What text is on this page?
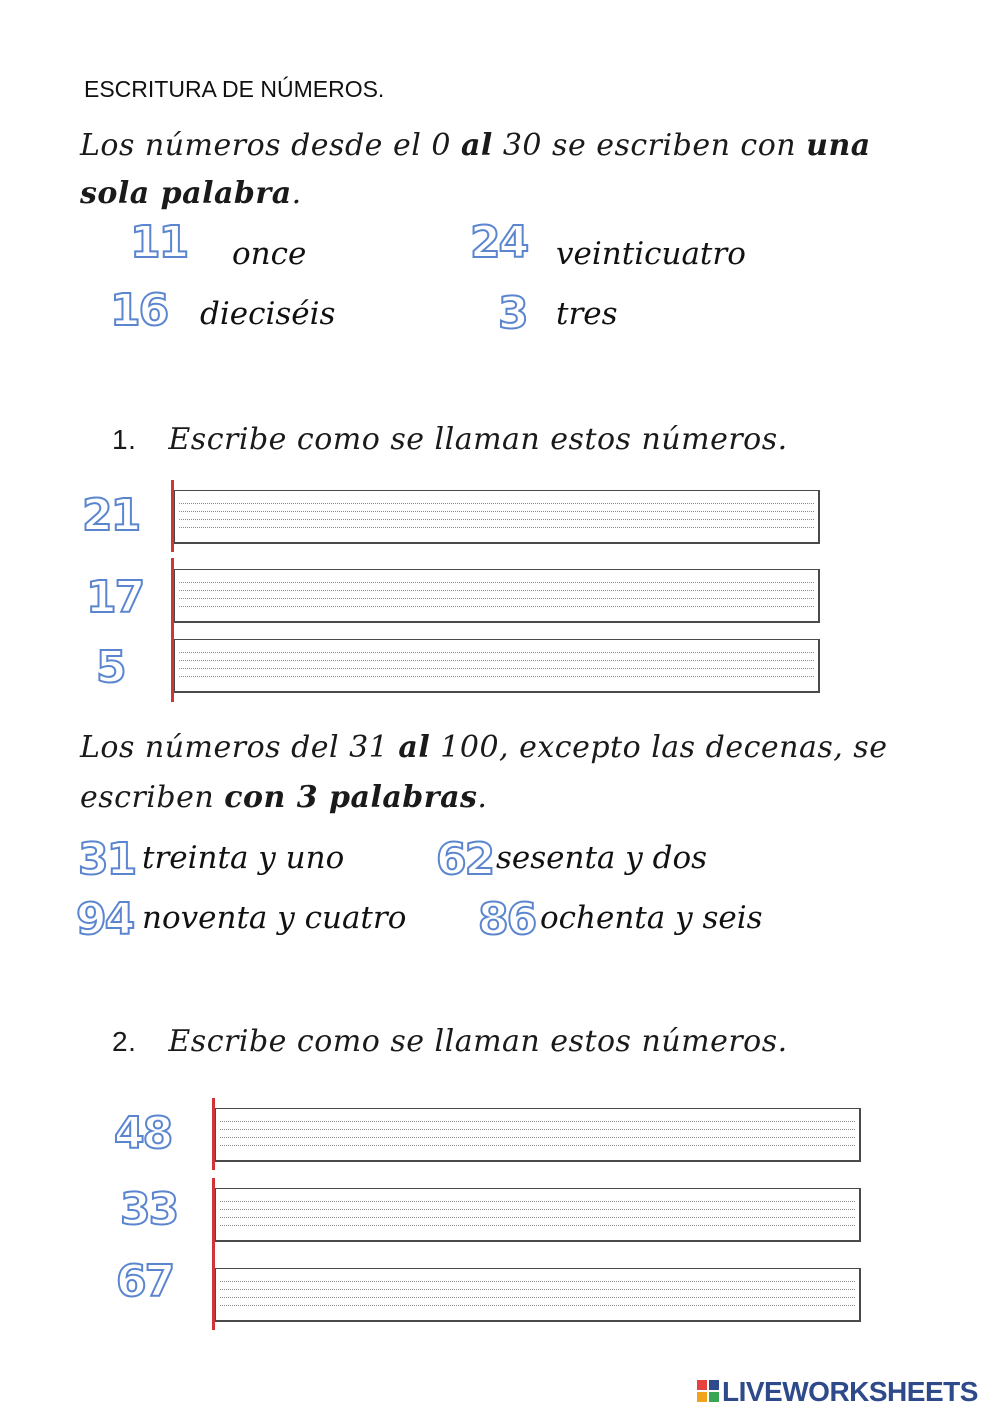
ESCRITURA DE NÚMEROS.
Los números desde el 0 al 30 se escriben con una
sola palabra.
11 once	24 veinticuatro
16 dieciséis	3 tres
1. Escribe como se llaman estos números.
21
17
5
Los números del 31 al 100, excepto las decenas, se
escriben con 3 palabras.
31 treinta y uno 62 sesenta y dos
94 noventa y cuatro 86 ochenta y seis
2. Escribe como se llaman estos números.
48
33
67
LIVEWORKSHEETS
